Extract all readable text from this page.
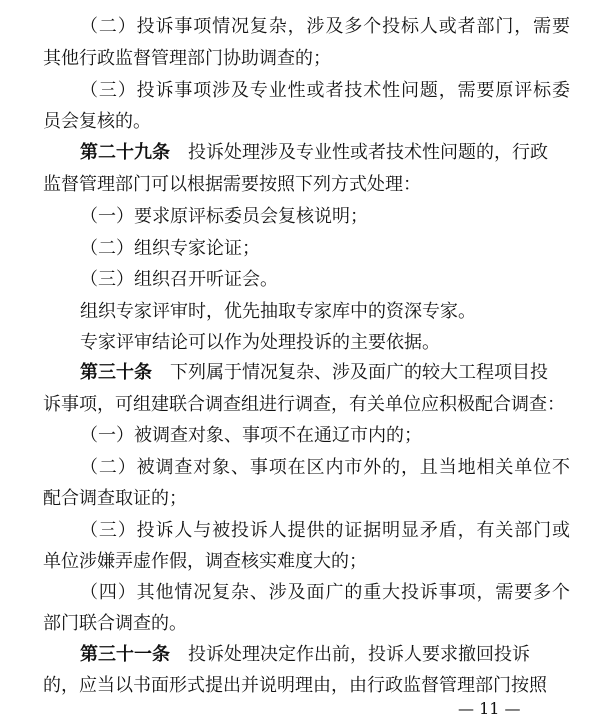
（二）投诉事项情况复杂，涉及多个投标人或者部门，需要
其他行政监督管理部门协助调查的；
（三）投诉事项涉及专业性或者技术性问题，需要原评标委
员会复核的。
第二十九条 投诉处理涉及专业性或者技术性问题的，行政
监督管理部门可以根据需要按照下列方式处理：
（一）要求原评标委员会复核说明；
（二）组织专家论证；
（三）组织召开听证会。
组织专家评审时，优先抽取专家库中的资深专家。
专家评审结论可以作为处理投诉的主要依据。
第三十条 下列属于情况复杂、涉及面广的较大工程项目投
诉事项，可组建联合调查组进行调查，有关单位应积极配合调查：
（一）被调查对象、事项不在通辽市内的；
（二）被调查对象、事项在区内市外的，且当地相关单位不
配合调查取证的；
（三）投诉人与被投诉人提供的证据明显矛盾，有关部门或
单位涉嫌弄虚作假，调查核实难度大的；
（四）其他情况复杂、涉及面广的重大投诉事项，需要多个
部门联合调查的。
第三十一条 投诉处理决定作出前，投诉人要求撤回投诉
的，应当以书面形式提出并说明理由，由行政监督管理部门按照
— 11 —
